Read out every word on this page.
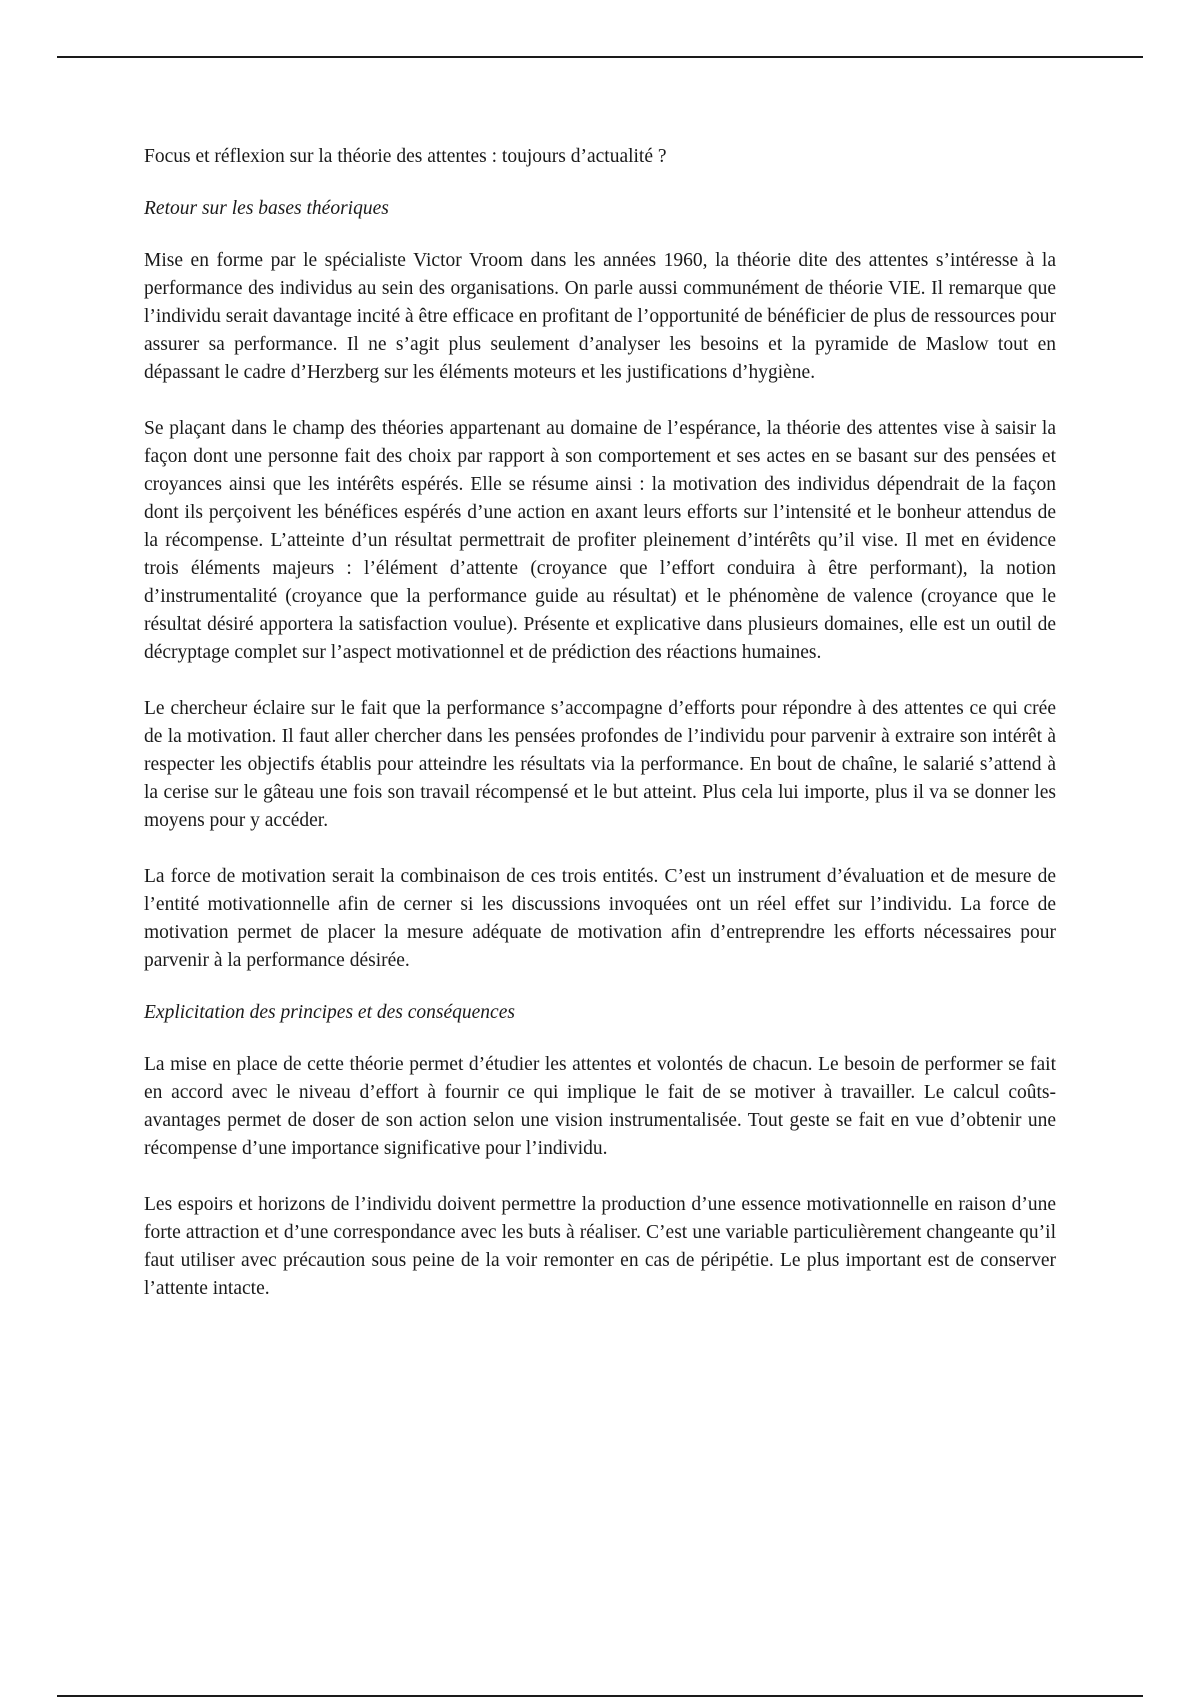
Focus et réflexion sur la théorie des attentes : toujours d’actualité ?

Retour sur les bases théoriques

Mise en forme par le spécialiste Victor Vroom dans les années 1960, la théorie dite des attentes s’intéresse à la performance des individus au sein des organisations. On parle aussi communément de théorie VIE. Il remarque que l’individu serait davantage incité à être efficace en profitant de l’opportunité de bénéficier de plus de ressources pour assurer sa performance. Il ne s’agit plus seulement d’analyser les besoins et la pyramide de Maslow tout en dépassant le cadre d’Herzberg sur les éléments moteurs et les justifications d’hygiène.

Se plaçant dans le champ des théories appartenant au domaine de l’espérance, la théorie des attentes vise à saisir la façon dont une personne fait des choix par rapport à son comportement et ses actes en se basant sur des pensées et croyances ainsi que les intérêts espérés. Elle se résume ainsi : la motivation des individus dépendrait de la façon dont ils perçoivent les bénéfices espérés d’une action en axant leurs efforts sur l’intensité et le bonheur attendus de la récompense. L’atteinte d’un résultat permettrait de profiter pleinement d’intérêts qu’il vise. Il met en évidence trois éléments majeurs : l’élément d’attente (croyance que l’effort conduira à être performant), la notion d’instrumentalité (croyance que la performance guide au résultat) et le phénomène de valence (croyance que le résultat désiré apportera la satisfaction voulue). Présente et explicative dans plusieurs domaines, elle est un outil de décryptage complet sur l’aspect motivationnel et de prédiction des réactions humaines.

Le chercheur éclaire sur le fait que la performance s’accompagne d’efforts pour répondre à des attentes ce qui crée de la motivation. Il faut aller chercher dans les pensées profondes de l’individu pour parvenir à extraire son intérêt à respecter les objectifs établis pour atteindre les résultats via la performance. En bout de chaîne, le salarié s’attend à la cerise sur le gâteau une fois son travail récompensé et le but atteint. Plus cela lui importe, plus il va se donner les moyens pour y accéder.

La force de motivation serait la combinaison de ces trois entités. C’est un instrument d’évaluation et de mesure de l’entité motivationnelle afin de cerner si les discussions invoquées ont un réel effet sur l’individu. La force de motivation permet de placer la mesure adéquate de motivation afin d’entreprendre les efforts nécessaires pour parvenir à la performance désirée.

Explicitation des principes et des conséquences

La mise en place de cette théorie permet d’étudier les attentes et volontés de chacun. Le besoin de performer se fait en accord avec le niveau d’effort à fournir ce qui implique le fait de se motiver à travailler. Le calcul coûts-avantages permet de doser de son action selon une vision instrumentalisée. Tout geste se fait en vue d’obtenir une récompense d’une importance significative pour l’individu.

Les espoirs et horizons de l’individu doivent permettre la production d’une essence motivationnelle en raison d’une forte attraction et d’une correspondance avec les buts à réaliser. C’est une variable particulièrement changeante qu’il faut utiliser avec précaution sous peine de la voir remonter en cas de péripétie. Le plus important est de conserver l’attente intacte.
